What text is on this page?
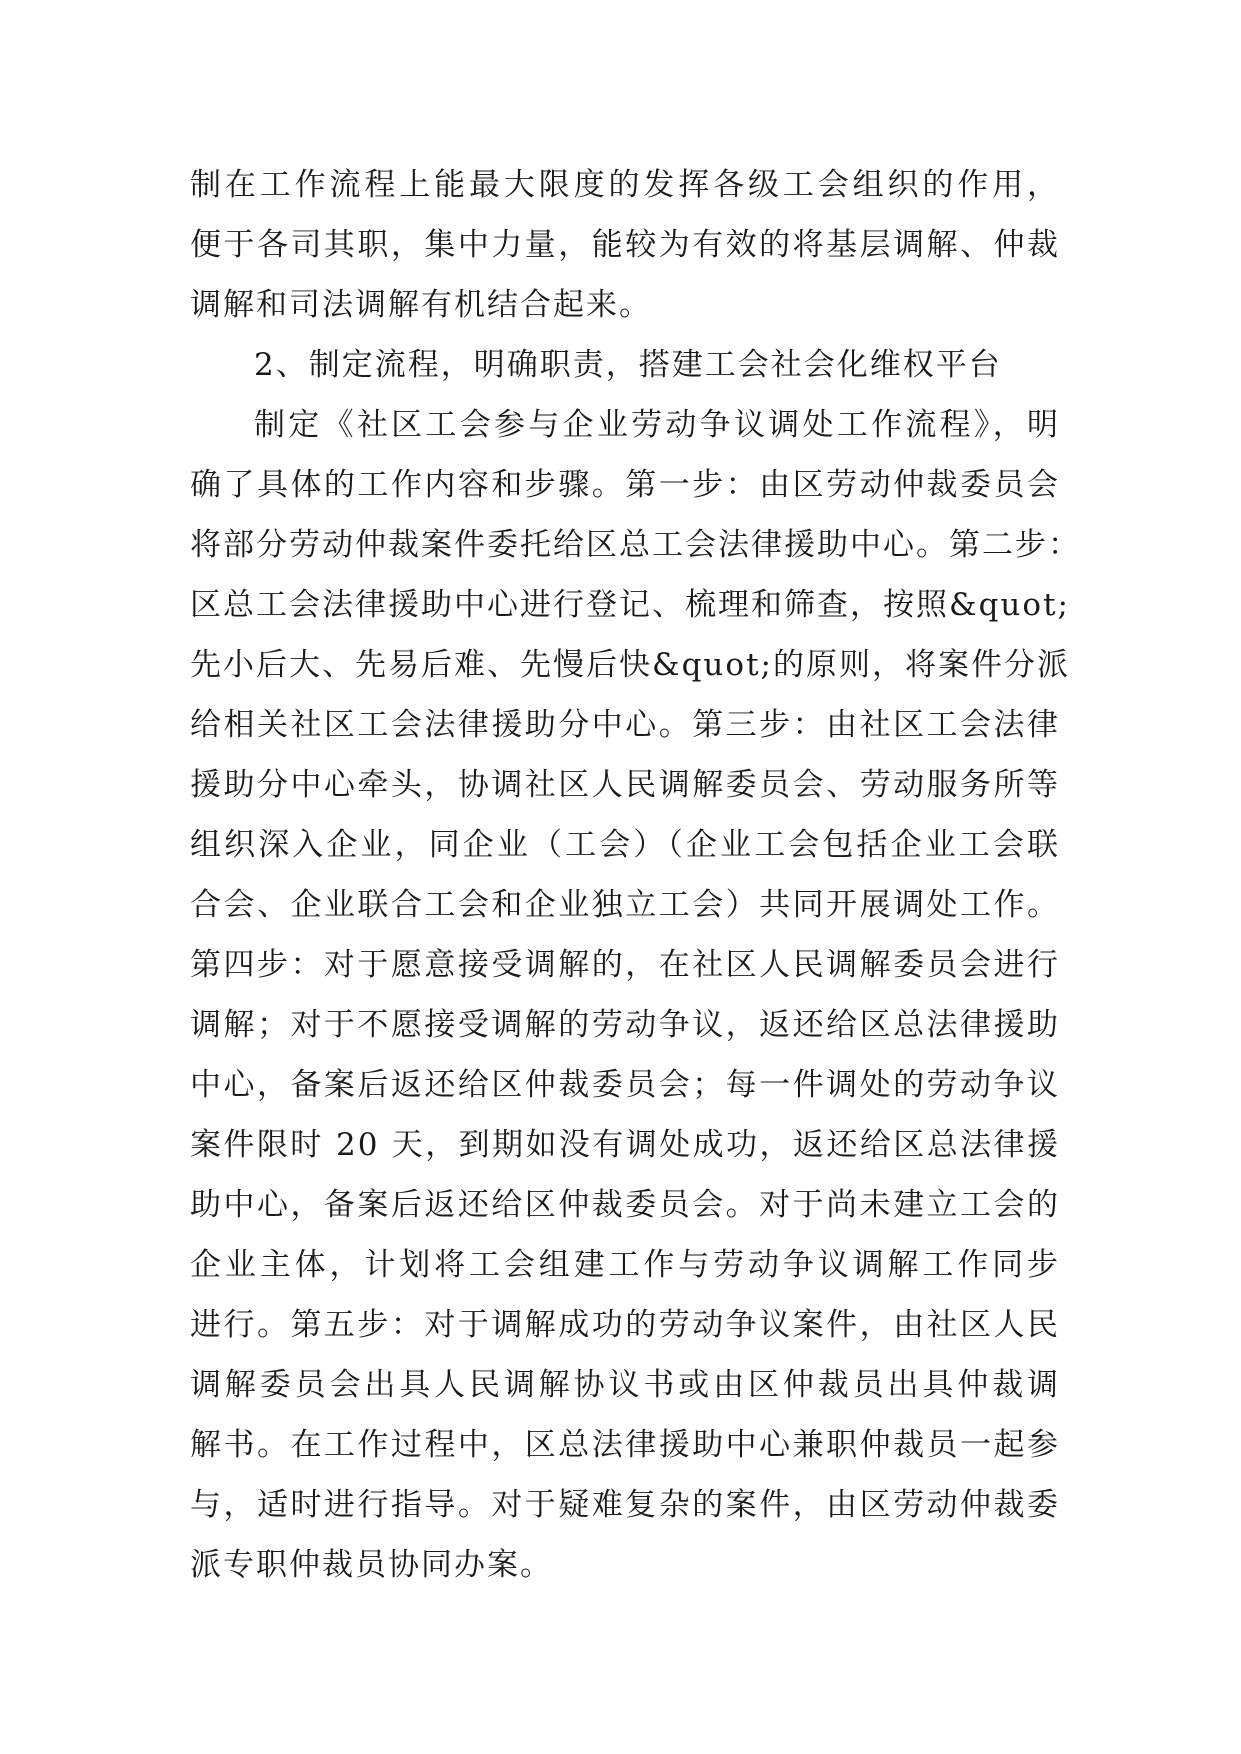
制在工作流程上能最大限度的发挥各级工会组织的作用，
便于各司其职，集中力量，能较为有效的将基层调解、仲裁
调解和司法调解有机结合起来。
2、制定流程，明确职责，搭建工会社会化维权平台
制定《社区工会参与企业劳动争议调处工作流程》，明
确了具体的工作内容和步骤。第一步：由区劳动仲裁委员会
将部分劳动仲裁案件委托给区总工会法律援助中心。第二步：
区总工会法律援助中心进行登记、梳理和筛查，按照&quot;
先小后大、先易后难、先慢后快&quot;的原则，将案件分派
给相关社区工会法律援助分中心。第三步：由社区工会法律
援助分中心牵头，协调社区人民调解委员会、劳动服务所等
组织深入企业，同企业（工会）（企业工会包括企业工会联
合会、企业联合工会和企业独立工会）共同开展调处工作。
第四步：对于愿意接受调解的，在社区人民调解委员会进行
调解；对于不愿接受调解的劳动争议，返还给区总法律援助
中心，备案后返还给区仲裁委员会；每一件调处的劳动争议
案件限时 20 天，到期如没有调处成功，返还给区总法律援
助中心，备案后返还给区仲裁委员会。对于尚未建立工会的
企业主体，计划将工会组建工作与劳动争议调解工作同步
进行。第五步：对于调解成功的劳动争议案件，由社区人民
调解委员会出具人民调解协议书或由区仲裁员出具仲裁调
解书。在工作过程中，区总法律援助中心兼职仲裁员一起参
与，适时进行指导。对于疑难复杂的案件，由区劳动仲裁委
派专职仲裁员协同办案。
